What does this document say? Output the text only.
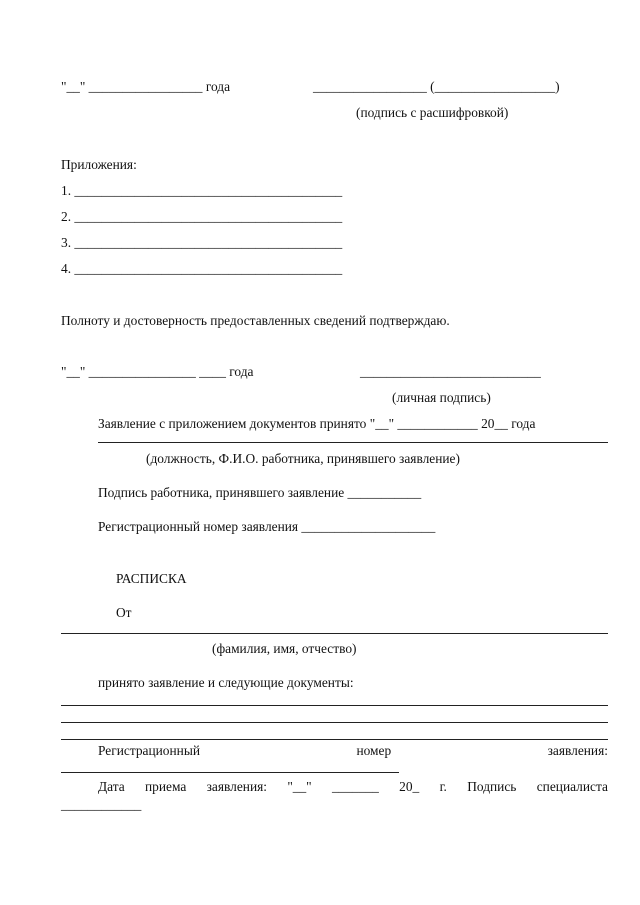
"__" _________________ года	_________________ (__________________)
(подпись с расшифровкой)
Приложения:
1. ________________________________________
2. ________________________________________
3. ________________________________________
4. ________________________________________
Полноту и достоверность предоставленных сведений подтверждаю.
"__" ________________ ____ года	___________________________
(личная подпись)
Заявление с приложением документов принято "__" ____________ 20__ года
(должность, Ф.И.О. работника, принявшего заявление)
Подпись работника, принявшего заявление ___________
Регистрационный номер заявления ____________________
РАСПИСКА
От
(фамилия, имя, отчество)
принято заявление и следующие документы:
Регистрационный	номер	заявления:
Дата приема заявления: "__" _______ 20_ г. Подпись специалиста
____________
